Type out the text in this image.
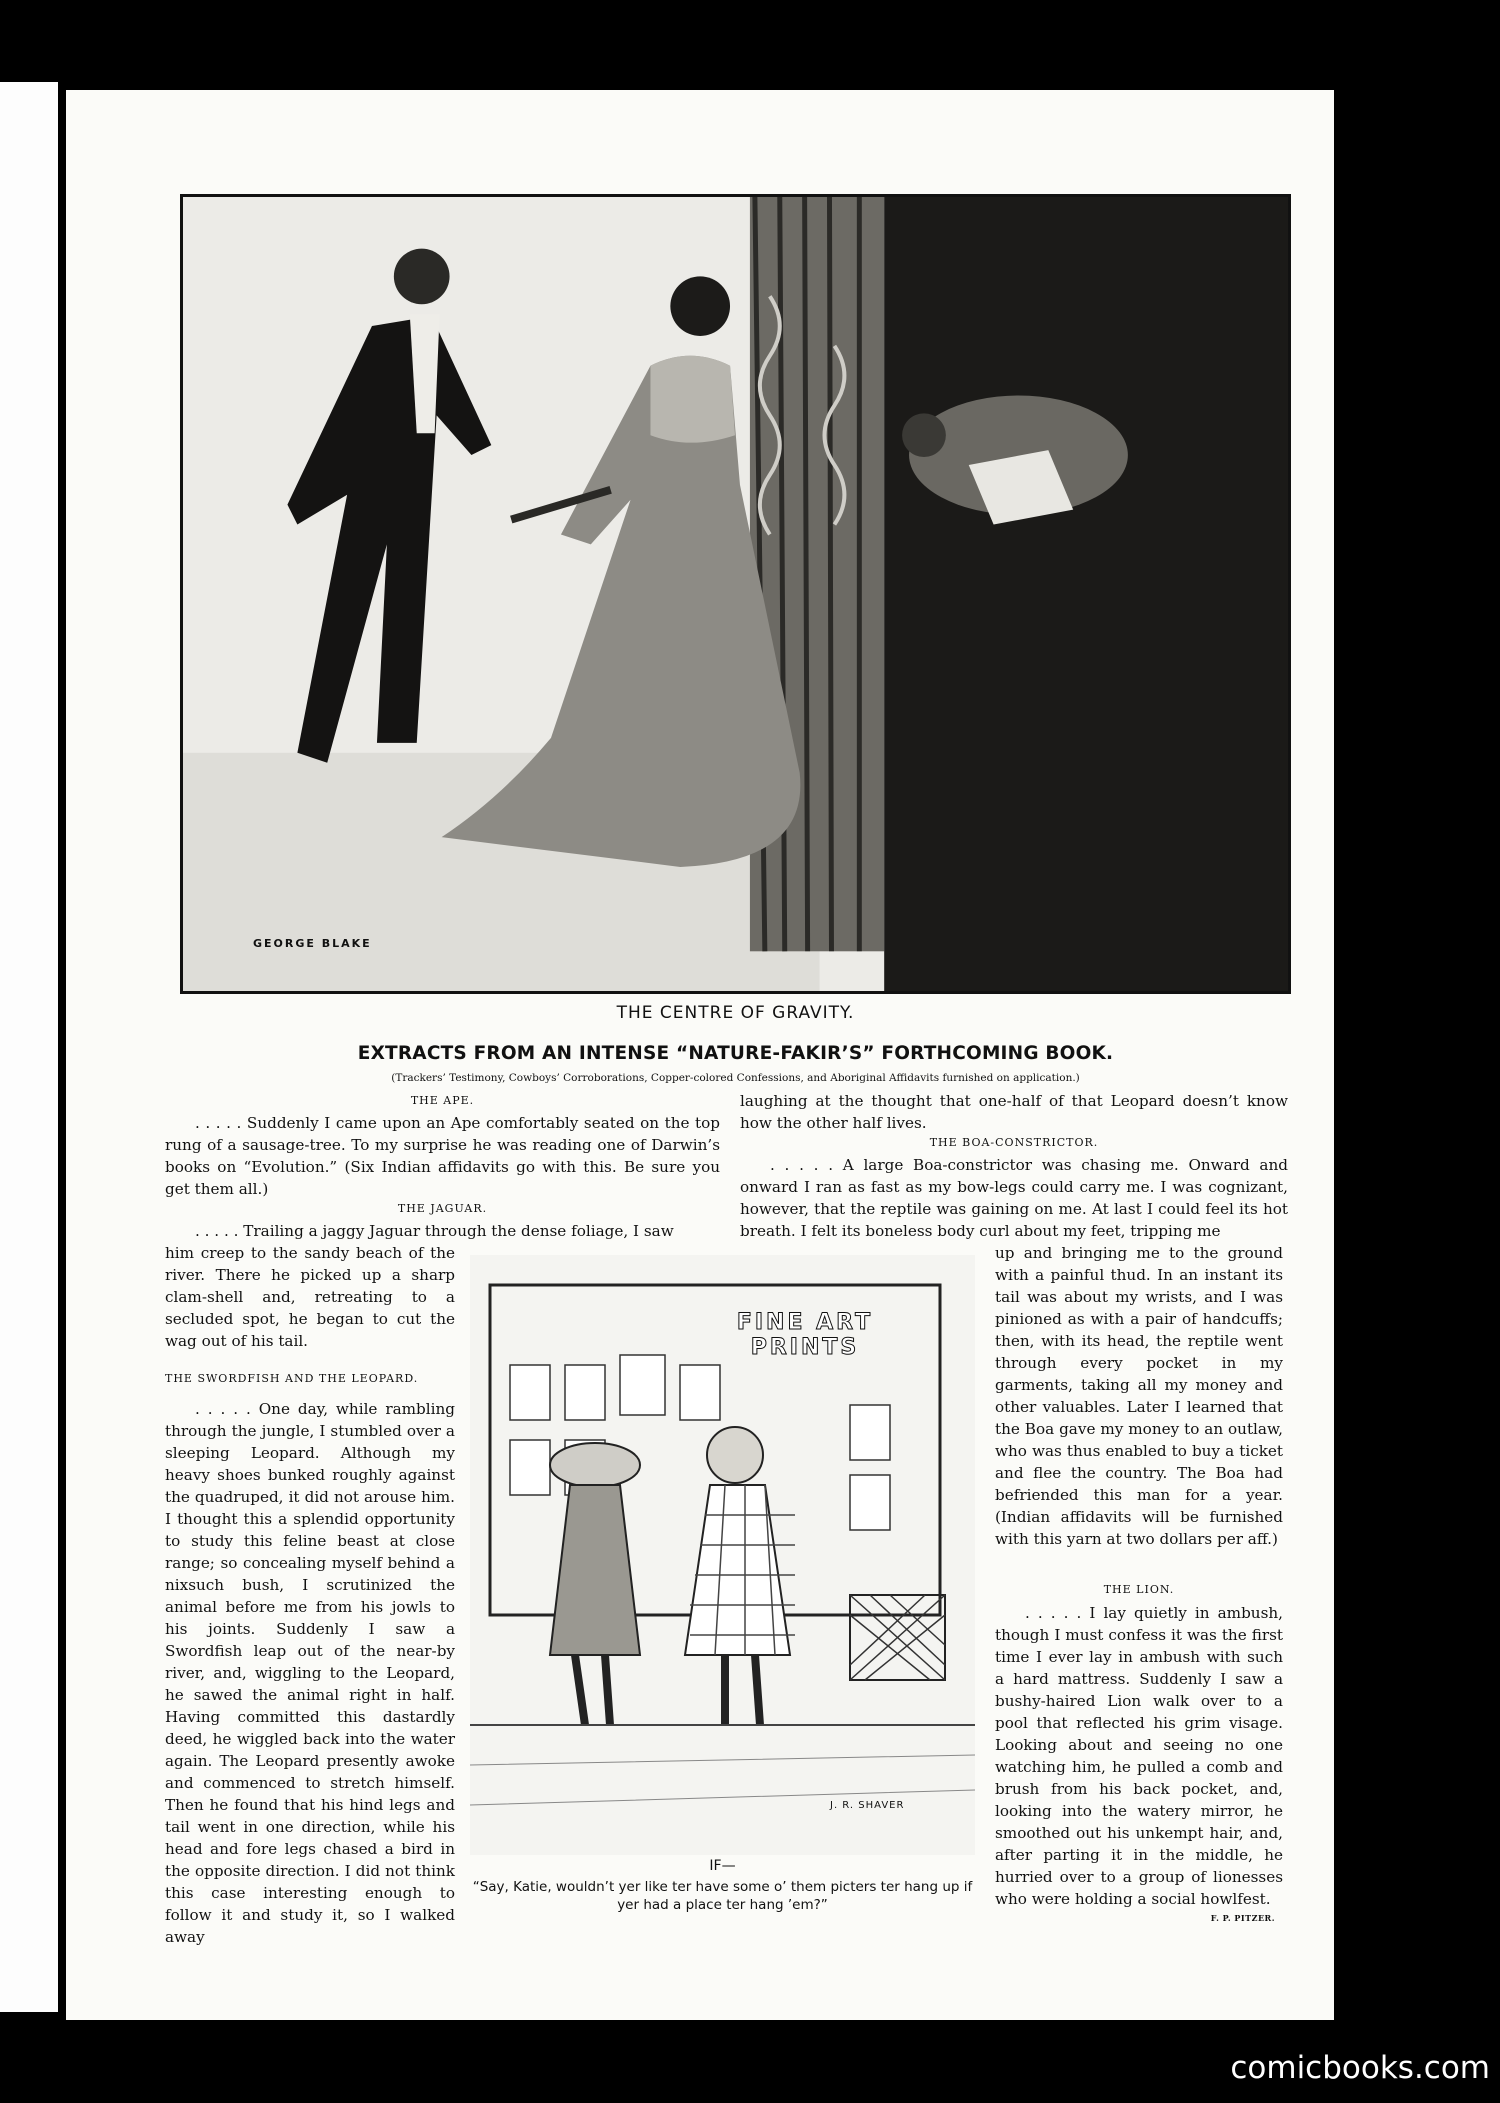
GEORGE BLAKE
THE CENTRE OF GRAVITY.
EXTRACTS FROM AN INTENSE “NATURE-FAKIR’S” FORTHCOMING BOOK.
(Trackers’ Testimony, Cowboys’ Corroborations, Copper-colored Confessions, and Aboriginal Affidavits furnished on application.)
THE APE.

. . . . . Suddenly I came upon an Ape comfortably seated on the top rung of a sausage-tree. To my surprise he was reading one of Darwin’s books on “Evolution.” (Six Indian affidavits go with this. Be sure you get them all.)

THE JAGUAR.

. . . . . Trailing a jaggy Jaguar through the dense foliage, I saw

him creep to the sandy beach of the river. There he picked up a sharp clam-shell and, retreating to a secluded spot, he began to cut the wag out of his tail.

THE SWORDFISH AND THE LEOPARD.

. . . . . One day, while rambling through the jungle, I stumbled over a sleeping Leopard. Although my heavy shoes bunked roughly against the quadruped, it did not arouse him. I thought this a splendid opportunity to study this feline beast at close range; so concealing myself behind a nixsuch bush, I scrutinized the animal before me from his jowls to his joints. Suddenly I saw a Swordfish leap out of the near-by river, and, wiggling to the Leopard, he sawed the animal right in half. Having committed this dastardly deed, he wiggled back into the water again. The Leopard presently awoke and commenced to stretch himself. Then he found that his hind legs and tail went in one direction, while his head and fore legs chased a bird in the opposite direction. I did not think this case interesting enough to follow it and study it, so I walked away

laughing at the thought that one-half of that Leopard doesn’t know how the other half lives.

THE BOA-CONSTRICTOR.

. . . . . A large Boa-constrictor was chasing me. Onward and onward I ran as fast as my bow-legs could carry me. I was cognizant, however, that the reptile was gaining on me. At last I could feel its hot breath. I felt its boneless body curl about my feet, tripping me

up and bringing me to the ground with a painful thud. In an instant its tail was about my wrists, and I was pinioned as with a pair of handcuffs; then, with its head, the reptile went through every pocket in my garments, taking all my money and other valuables. Later I learned that the Boa gave my money to an outlaw, who was thus enabled to buy a ticket and flee the country. The Boa had befriended this man for a year. (Indian affidavits will be furnished with this yarn at two dollars per aff.)

THE LION.

. . . . . I lay quietly in ambush, though I must confess it was the first time I ever lay in ambush with such a hard mattress. Suddenly I saw a bushy-haired Lion walk over to a pool that reflected his grim visage. Looking about and seeing no one watching him, he pulled a comb and brush from his back pocket, and, looking into the watery mirror, he smoothed out his unkempt hair, and, after parting it in the middle, he hurried over to a group of lionesses who were holding a social howlfest.

F. P. PITZER.
FINE ART PRINTS
J. R. SHAVER
IF—
“Say, Katie, wouldn’t yer like ter have some o’ them picters ter hang up if yer had a place ter hang ’em?”
comicbooks.com
